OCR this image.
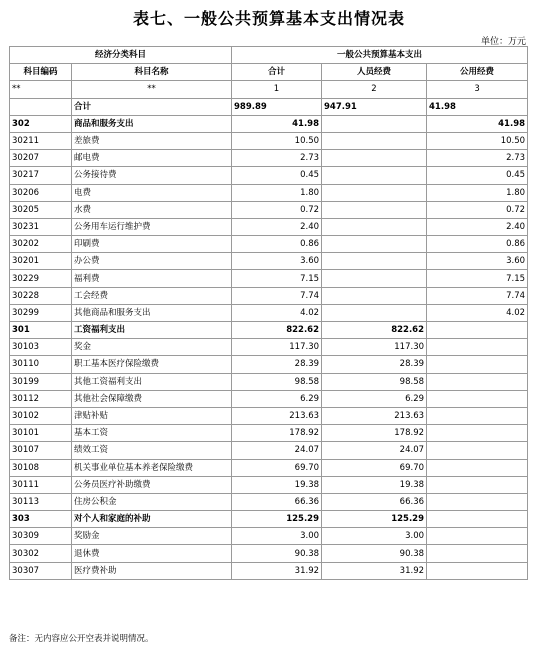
表七、一般公共预算基本支出情况表
单位：万元
经济分类科目		一般公共预算基本支出		
科目编码	科目名称	合计	人员经费	公用经费
**	**	1	2	3
	合计	989.89	947.91	41.98
302	商品和服务支出	41.98		41.98
30211	差旅费	10.50		10.50
30207	邮电费	2.73		2.73
30217	公务接待费	0.45		0.45
30206	电费	1.80		1.80
30205	水费	0.72		0.72
30231	公务用车运行维护费	2.40		2.40
30202	印刷费	0.86		0.86
30201	办公费	3.60		3.60
30229	福利费	7.15		7.15
30228	工会经费	7.74		7.74
30299	其他商品和服务支出	4.02		4.02
301	工资福利支出	822.62	822.62	
30103	奖金	117.30	117.30	
30110	职工基本医疗保险缴费	28.39	28.39	
30199	其他工资福利支出	98.58	98.58	
30112	其他社会保障缴费	6.29	6.29	
30102	津贴补贴	213.63	213.63	
30101	基本工资	178.92	178.92	
30107	绩效工资	24.07	24.07	
30108	机关事业单位基本养老保险缴费	69.70	69.70	
30111	公务员医疗补助缴费	19.38	19.38	
30113	住房公积金	66.36	66.36	
303	对个人和家庭的补助	125.29	125.29	
30309	奖励金	3.00	3.00	
30302	退休费	90.38	90.38	
30307	医疗费补助	31.92	31.92	
备注：无内容应公开空表并说明情况。
